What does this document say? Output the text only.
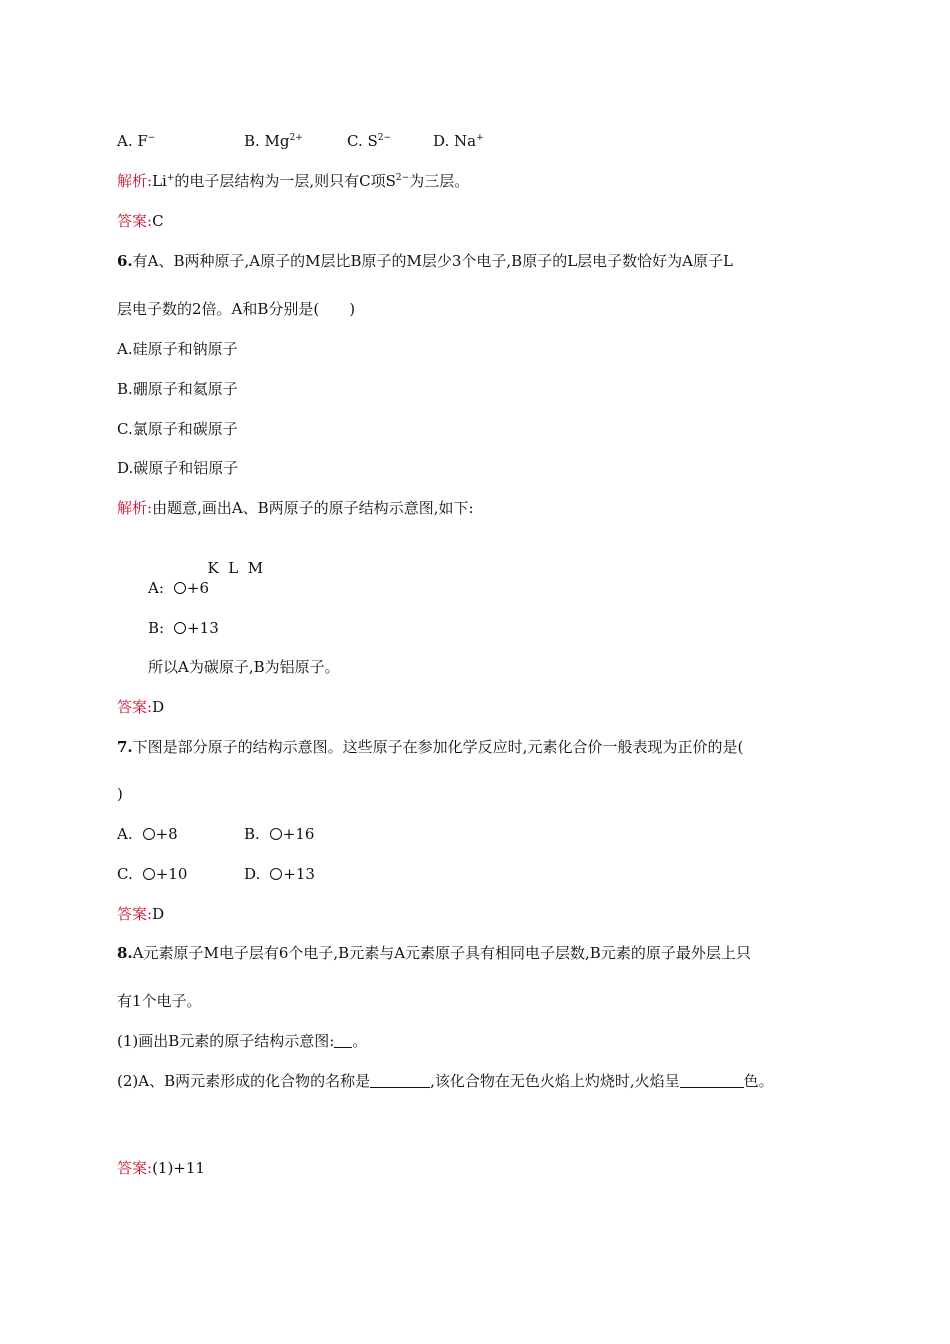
A. F−	B. $Mg^{2+}$	C. $S^{2-}$	D. Na+
解析:Li+的电子层结构为一层,则只有C项$S^{2-}$为三层。
答案:C
6.有A、B两种原子,A原子的M层比B原子的M层少3个电子,B原子的L层电子数恰好为A原子L
层电子数的2倍。A和B分别是(　　)
A.硅原子和钠原子
B.硼原子和氦原子
C.氯原子和碳原子
D.碳原子和铝原子
解析:由题意,画出A、B两原子的原子结构示意图,如下:

K  L  M

A: +6
B: +13
所以A为碳原子,B为铝原子。
答案:D
7.下图是部分原子的结构示意图。这些原子在参加化学反应时,元素化合价一般表现为正价的是(
)
A. +8	B. +16
C. +10	D. +13
答案:D
8.A元素原子M电子层有6个电子,B元素与A元素原子具有相同电子层数,B元素的原子最外层上只
有1个电子。
(1)画出B元素的原子结构示意图: 。
(2)A、B两元素形成的化合物的名称是	,该化合物在无色火焰上灼烧时,火焰呈	色。
答案:(1)+11
